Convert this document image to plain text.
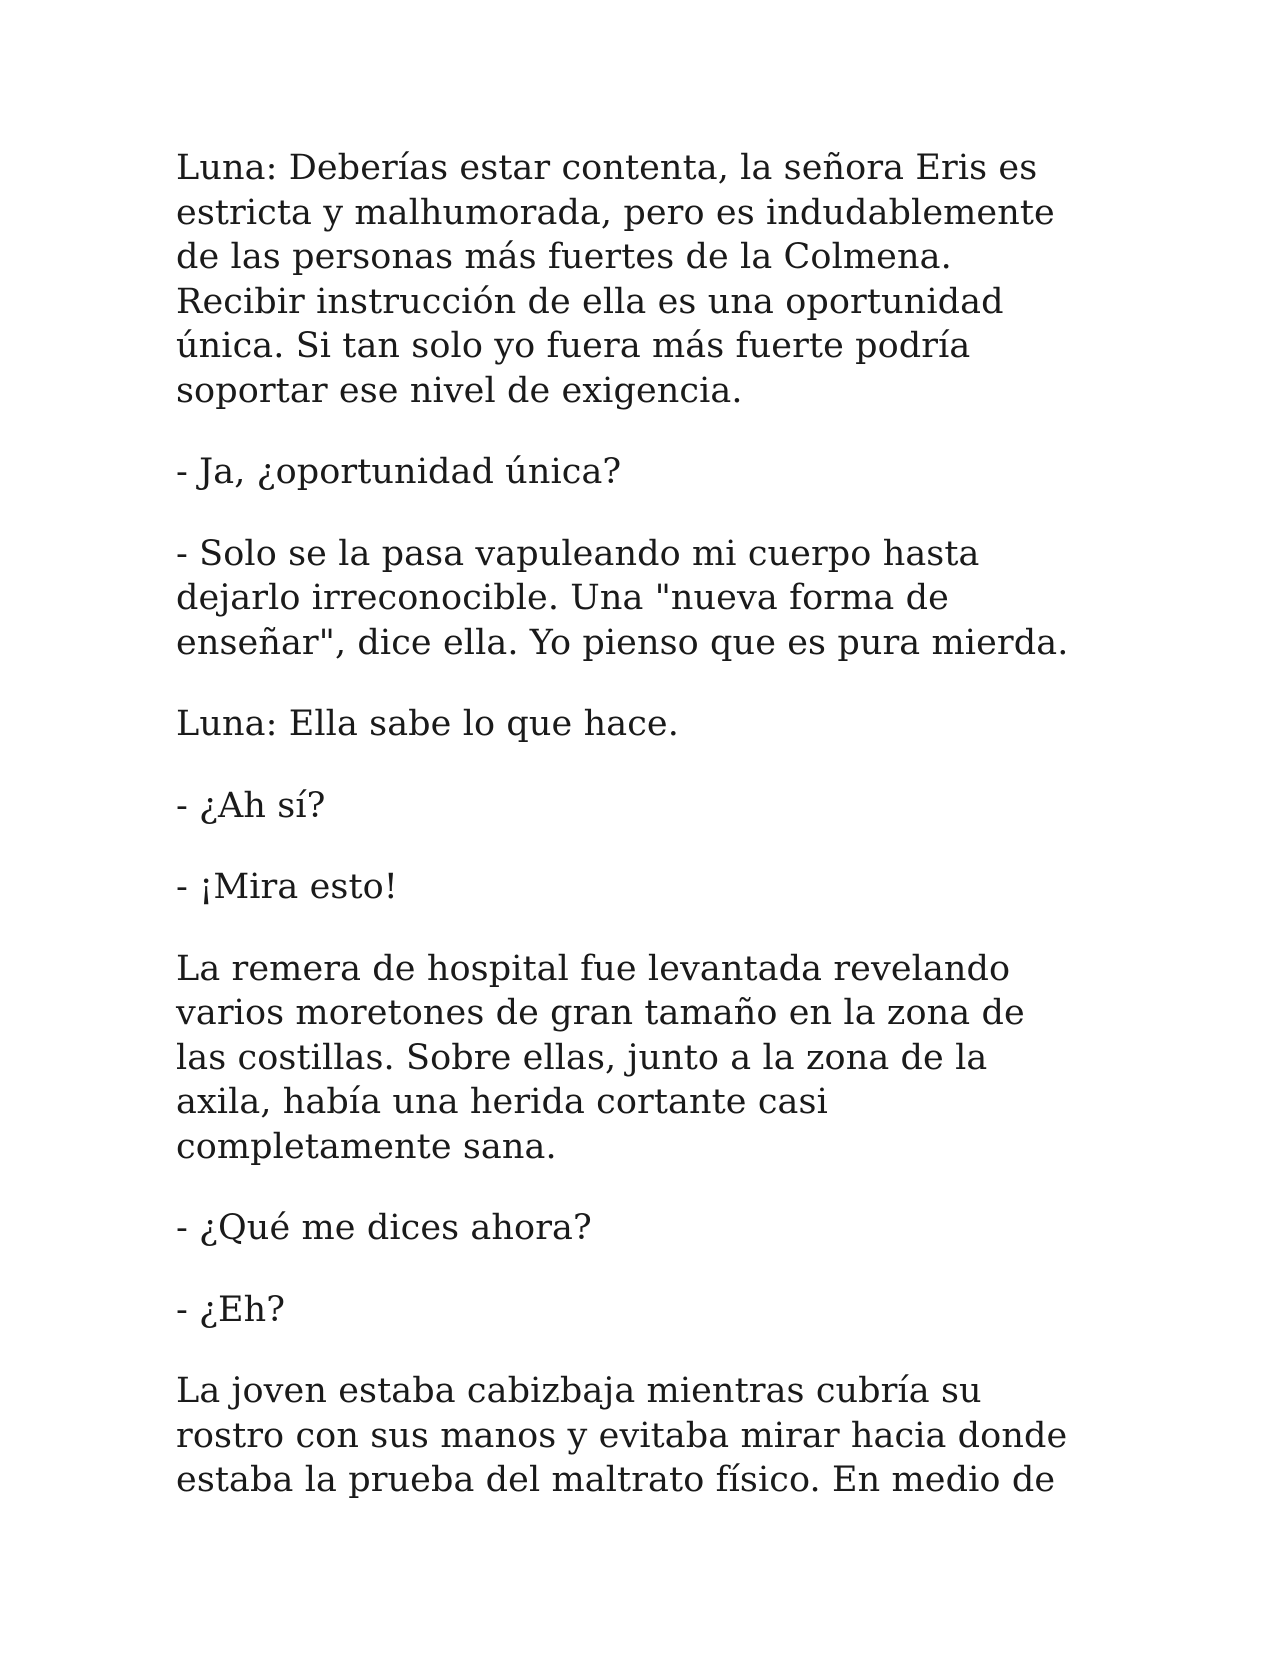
Luna: Deberías estar contenta, la señora Eris es
estricta y malhumorada, pero es indudablemente
de las personas más fuertes de la Colmena.
Recibir instrucción de ella es una oportunidad
única. Si tan solo yo fuera más fuerte podría
soportar ese nivel de exigencia.

- Ja, ¿oportunidad única?

- Solo se la pasa vapuleando mi cuerpo hasta
dejarlo irreconocible. Una "nueva forma de
enseñar", dice ella. Yo pienso que es pura mierda.

Luna: Ella sabe lo que hace.

- ¿Ah sí?

- ¡Mira esto!

La remera de hospital fue levantada revelando
varios moretones de gran tamaño en la zona de
las costillas. Sobre ellas, junto a la zona de la
axila, había una herida cortante casi
completamente sana.

- ¿Qué me dices ahora?

- ¿Eh?

La joven estaba cabizbaja mientras cubría su
rostro con sus manos y evitaba mirar hacia donde
estaba la prueba del maltrato físico. En medio de
